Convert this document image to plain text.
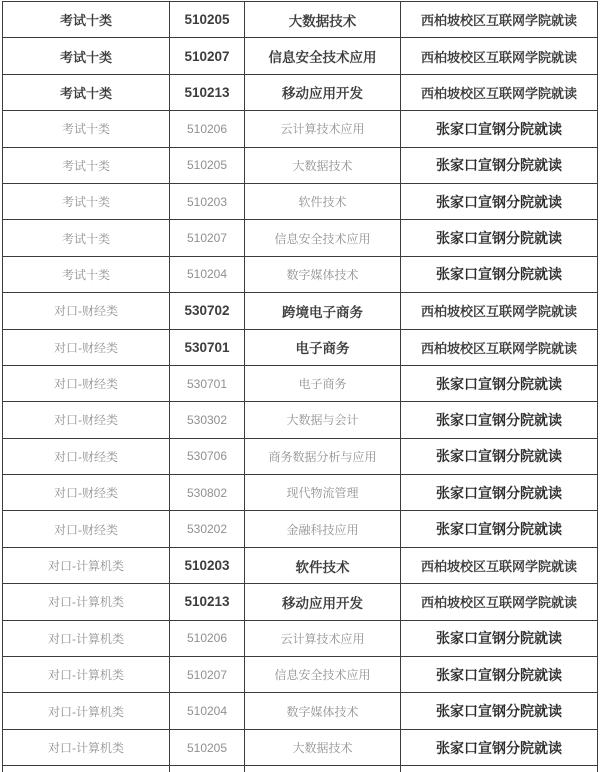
考试十类	510205	大数据技术	西柏坡校区互联网学院就读
考试十类	510207	信息安全技术应用	西柏坡校区互联网学院就读
考试十类	510213	移动应用开发	西柏坡校区互联网学院就读
考试十类	510206	云计算技术应用	张家口宣钢分院就读
考试十类	510205	大数据技术	张家口宣钢分院就读
考试十类	510203	软件技术	张家口宣钢分院就读
考试十类	510207	信息安全技术应用	张家口宣钢分院就读
考试十类	510204	数字媒体技术	张家口宣钢分院就读
对口-财经类	530702	跨境电子商务	西柏坡校区互联网学院就读
对口-财经类	530701	电子商务	西柏坡校区互联网学院就读
对口-财经类	530701	电子商务	张家口宣钢分院就读
对口-财经类	530302	大数据与会计	张家口宣钢分院就读
对口-财经类	530706	商务数据分析与应用	张家口宣钢分院就读
对口-财经类	530802	现代物流管理	张家口宣钢分院就读
对口-财经类	530202	金融科技应用	张家口宣钢分院就读
对口-计算机类	510203	软件技术	西柏坡校区互联网学院就读
对口-计算机类	510213	移动应用开发	西柏坡校区互联网学院就读
对口-计算机类	510206	云计算技术应用	张家口宣钢分院就读
对口-计算机类	510207	信息安全技术应用	张家口宣钢分院就读
对口-计算机类	510204	数字媒体技术	张家口宣钢分院就读
对口-计算机类	510205	大数据技术	张家口宣钢分院就读
